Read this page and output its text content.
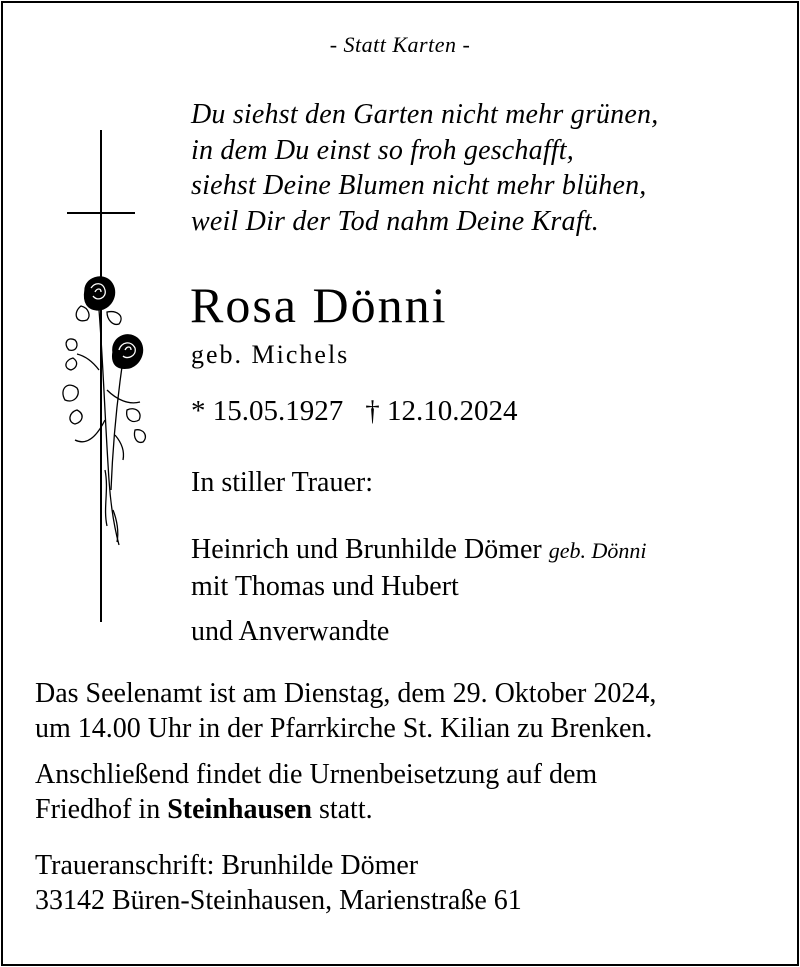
- Statt Karten -
Du siehst den Garten nicht mehr grünen,
in dem Du einst so froh geschafft,
siehst Deine Blumen nicht mehr blühen,
weil Dir der Tod nahm Deine Kraft.
Rosa Dönni
geb. Michels
* 15.05.1927 † 12.10.2024
In stiller Trauer:
Heinrich und Brunhilde Dömer geb. Dönni
mit Thomas und Hubert
und Anverwandte
Das Seelenamt ist am Dienstag, dem 29. Oktober 2024,
um 14.00 Uhr in der Pfarrkirche St. Kilian zu Brenken.
Anschließend findet die Urnenbeisetzung auf dem
Friedhof in Steinhausen statt.
Traueranschrift: Brunhilde Dömer
33142 Büren-Steinhausen, Marienstraße 61
